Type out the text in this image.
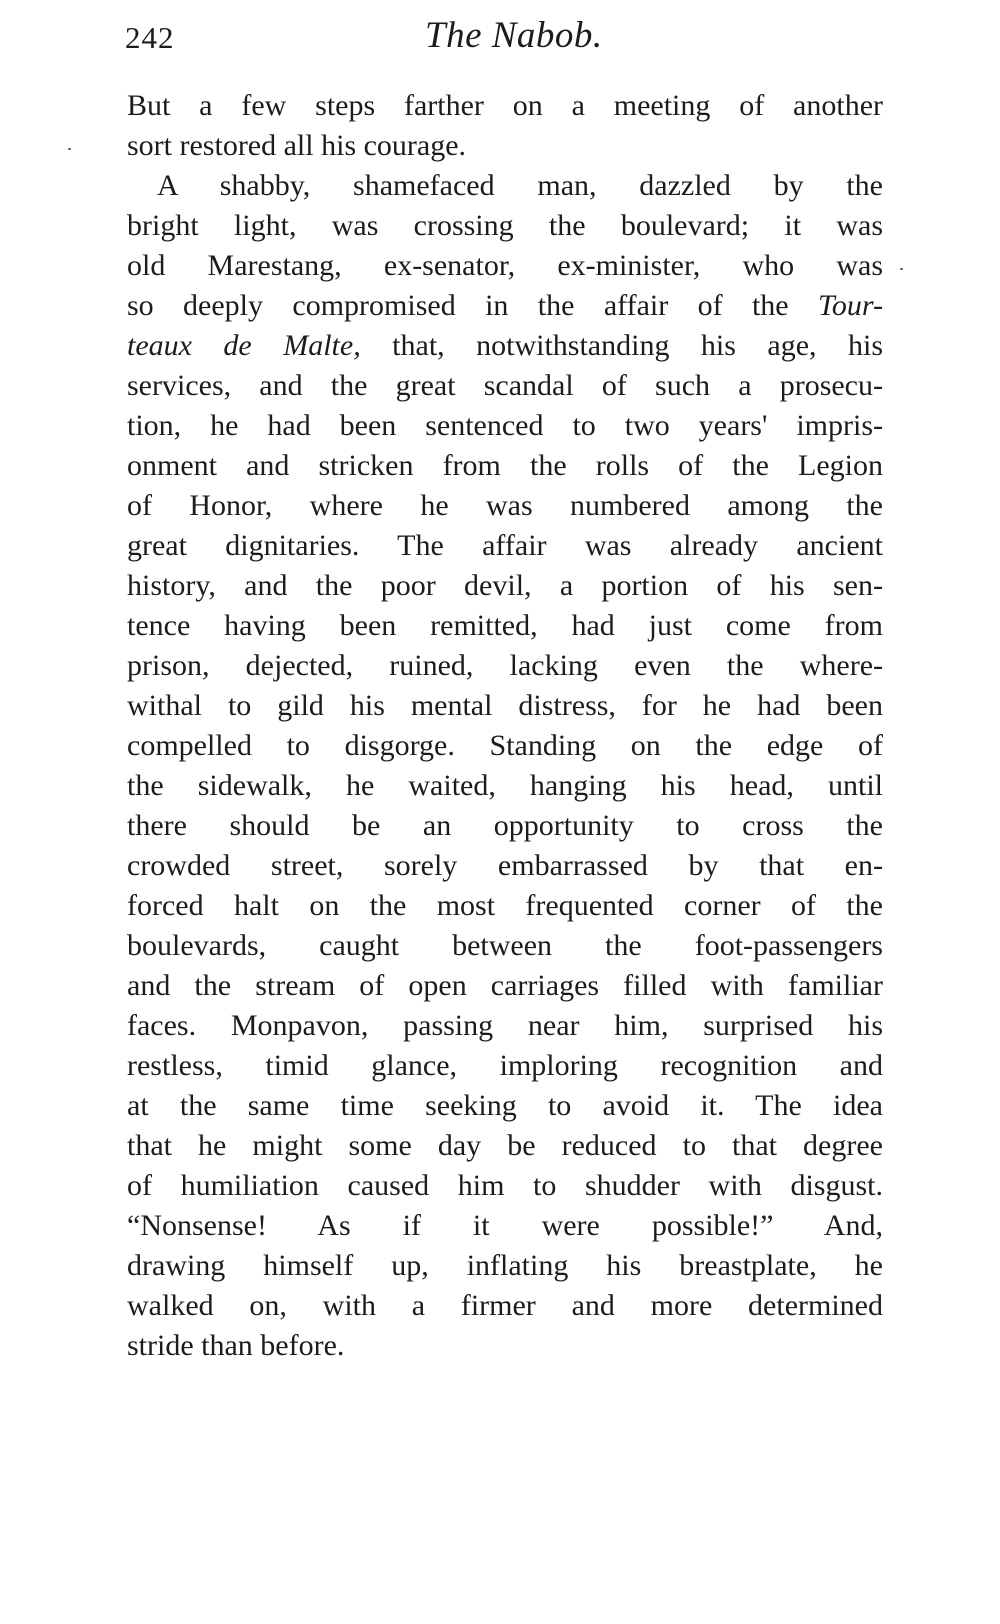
242	The Nabob.
But a few steps farther on a meeting of another
sort restored all his courage.
A shabby, shamefaced man, dazzled by the
bright light, was crossing the boulevard; it was
old Marestang, ex-senator, ex-minister, who was
so deeply compromised in the affair of the Tour-
teaux de Malte, that, notwithstanding his age, his
services, and the great scandal of such a prosecu-
tion, he had been sentenced to two years' impris-
onment and stricken from the rolls of the Legion
of Honor, where he was numbered among the
great dignitaries. The affair was already ancient
history, and the poor devil, a portion of his sen-
tence having been remitted, had just come from
prison, dejected, ruined, lacking even the where-
withal to gild his mental distress, for he had been
compelled to disgorge. Standing on the edge of
the sidewalk, he waited, hanging his head, until
there should be an opportunity to cross the
crowded street, sorely embarrassed by that en-
forced halt on the most frequented corner of the
boulevards, caught between the foot-passengers
and the stream of open carriages filled with familiar
faces. Monpavon, passing near him, surprised his
restless, timid glance, imploring recognition and
at the same time seeking to avoid it. The idea
that he might some day be reduced to that degree
of humiliation caused him to shudder with disgust.
“Nonsense! As if it were possible!” And,
drawing himself up, inflating his breastplate, he
walked on, with a firmer and more determined
stride than before.
